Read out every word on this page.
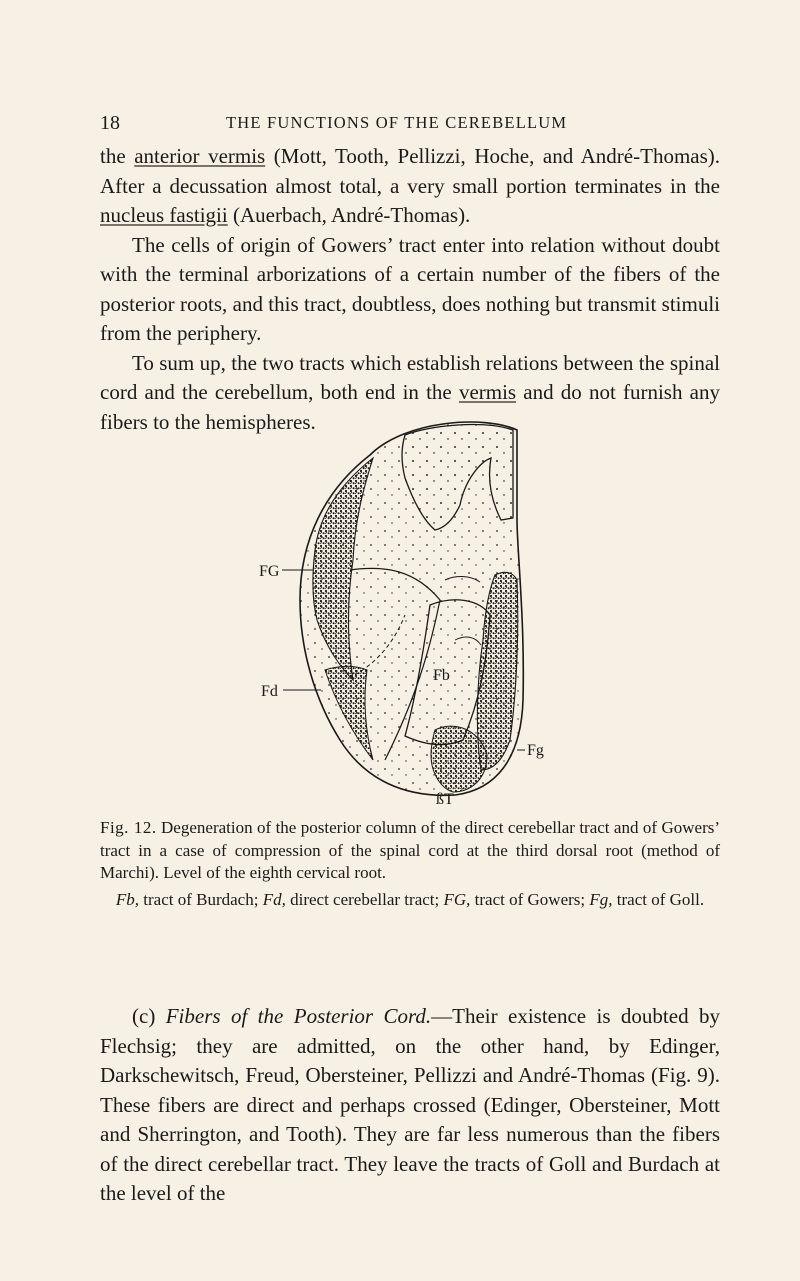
18	THE FUNCTIONS OF THE CEREBELLUM

the anterior vermis (Mott, Tooth, Pellizzi, Hoche, and André-Thomas). After a decussation almost total, a very small portion terminates in the nucleus fastigii (Auerbach, André-Thomas).

The cells of origin of Gowers’ tract enter into relation without doubt with the terminal arborizations of a certain number of the fibers of the posterior roots, and this tract, doubtless, does nothing but transmit stimuli from the periphery.

To sum up, the two tracts which establish relations between the spinal cord and the cerebellum, both end in the vermis and do not furnish any fibers to the hemispheres.

FG
Fd
Fb
Fg
ßT

Fig. 12. Degeneration of the posterior column of the direct cerebellar tract and of Gowers’ tract in a case of compression of the spinal cord at the third dorsal root (method of Marchi). Level of the eighth cervical root.

Fb, tract of Burdach; Fd, direct cerebellar tract; FG, tract of Gowers; Fg, tract of Goll.

(c) Fibers of the Posterior Cord.—Their existence is doubted by Flechsig; they are admitted, on the other hand, by Edinger, Darkschewitsch, Freud, Obersteiner, Pellizzi and André-Thomas (Fig. 9). These fibers are direct and perhaps crossed (Edinger, Obersteiner, Mott and Sherrington, and Tooth). They are far less numerous than the fibers of the direct cerebellar tract. They leave the tracts of Goll and Burdach at the level of the
